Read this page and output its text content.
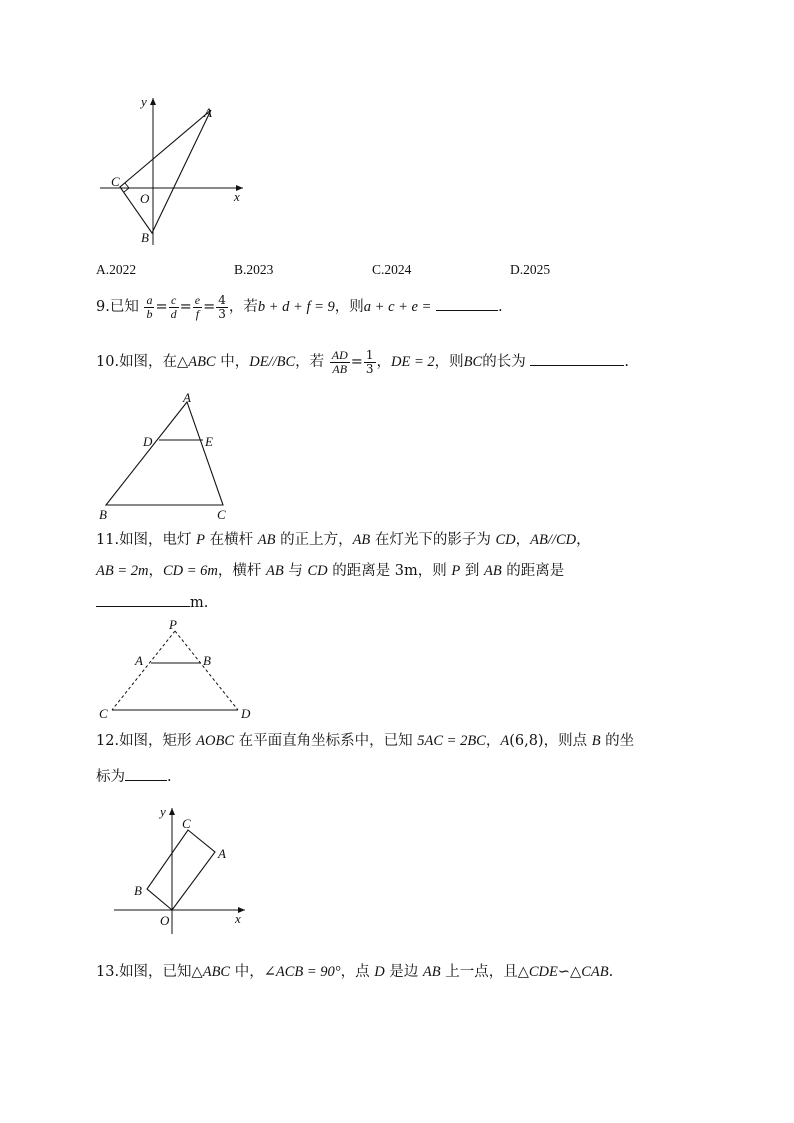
y
x
A
B
C
O
A.2022	B.2023	C.2024	D.2025
9.已知 $\frac{a}{b} = \frac{c}{d} = \frac{e}{f} = \frac{4}{3}$ ，若b + d + f = 9，则a + c + e =	.
10.如图，在△ABC 中，DE//BC，若 $\frac{AD}{AB} = \frac{1}{3}$ ，DE = 2，则BC的长为	.
A
D	E
B	C
11.如图，电灯 P 在横杆 AB 的正上方，AB 在灯光下的影子为 CD，AB//CD，
AB = 2m，CD = 6m，横杆 AB 与 CD 的距离是 3m，则 P 到 AB 的距离是
m.
P
A	B
C	D
12.如图，矩形 AOBC 在平面直角坐标系中，已知 5AC = 2BC，A(6,8)，则点 B 的坐
标为	.
y
x
A
C
B
O
13.如图，已知△ABC 中，∠ACB = 90°，点 D 是边 AB 上一点，且△CDE∽△CAB.
